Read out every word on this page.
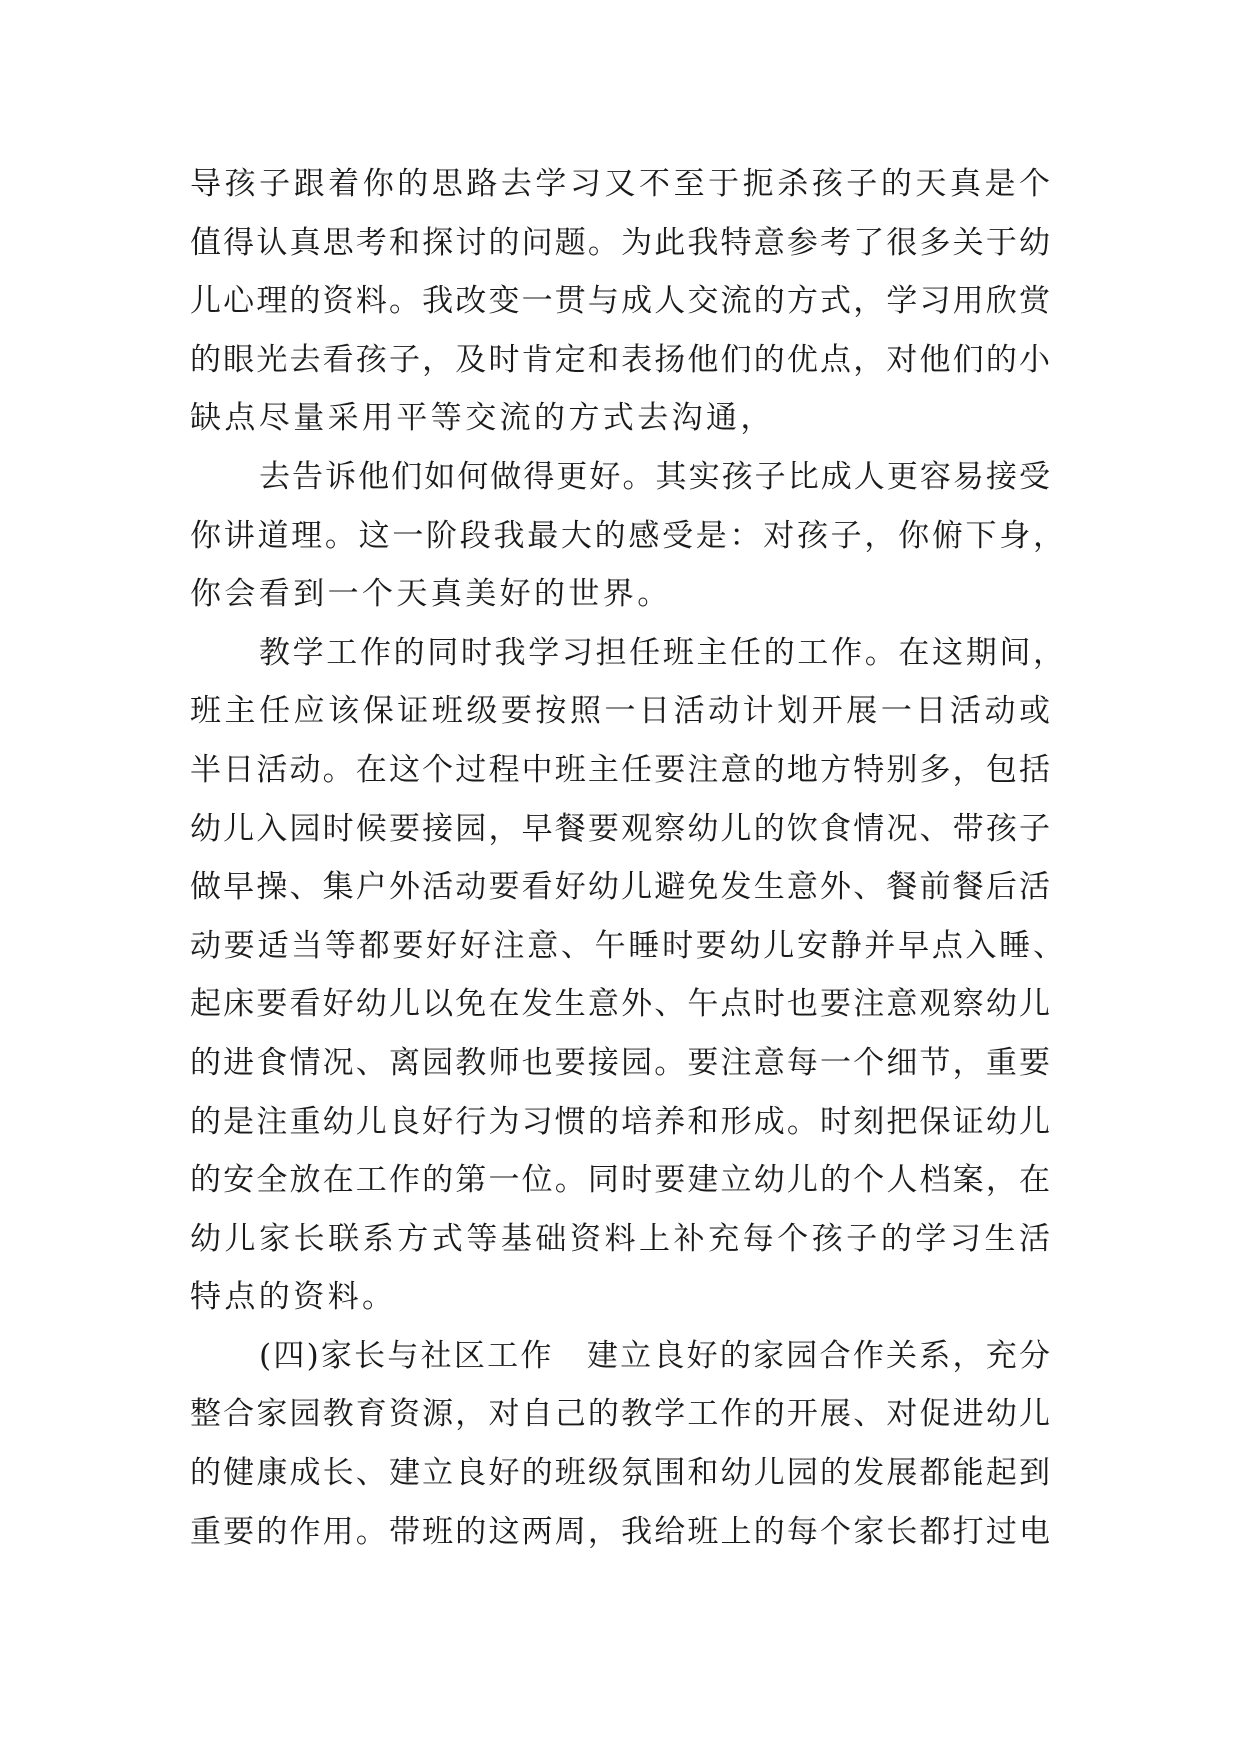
导孩子跟着你的思路去学习又不至于扼杀孩子的天真是个
值得认真思考和探讨的问题。为此我特意参考了很多关于幼
儿心理的资料。我改变一贯与成人交流的方式，学习用欣赏
的眼光去看孩子，及时肯定和表扬他们的优点，对他们的小
缺点尽量采用平等交流的方式去沟通，
去告诉他们如何做得更好。其实孩子比成人更容易接受
你讲道理。这一阶段我最大的感受是：对孩子，你俯下身，
你会看到一个天真美好的世界。
教学工作的同时我学习担任班主任的工作。在这期间，
班主任应该保证班级要按照一日活动计划开展一日活动或
半日活动。在这个过程中班主任要注意的地方特别多，包括
幼儿入园时候要接园，早餐要观察幼儿的饮食情况、带孩子
做早操、集户外活动要看好幼儿避免发生意外、餐前餐后活
动要适当等都要好好注意、午睡时要幼儿安静并早点入睡、
起床要看好幼儿以免在发生意外、午点时也要注意观察幼儿
的进食情况、离园教师也要接园。要注意每一个细节，重要
的是注重幼儿良好行为习惯的培养和形成。时刻把保证幼儿
的安全放在工作的第一位。同时要建立幼儿的个人档案，在
幼儿家长联系方式等基础资料上补充每个孩子的学习生活
特点的资料。
(四)家长与社区工作　建立良好的家园合作关系，充分
整合家园教育资源，对自己的教学工作的开展、对促进幼儿
的健康成长、建立良好的班级氛围和幼儿园的发展都能起到
重要的作用。带班的这两周，我给班上的每个家长都打过电
